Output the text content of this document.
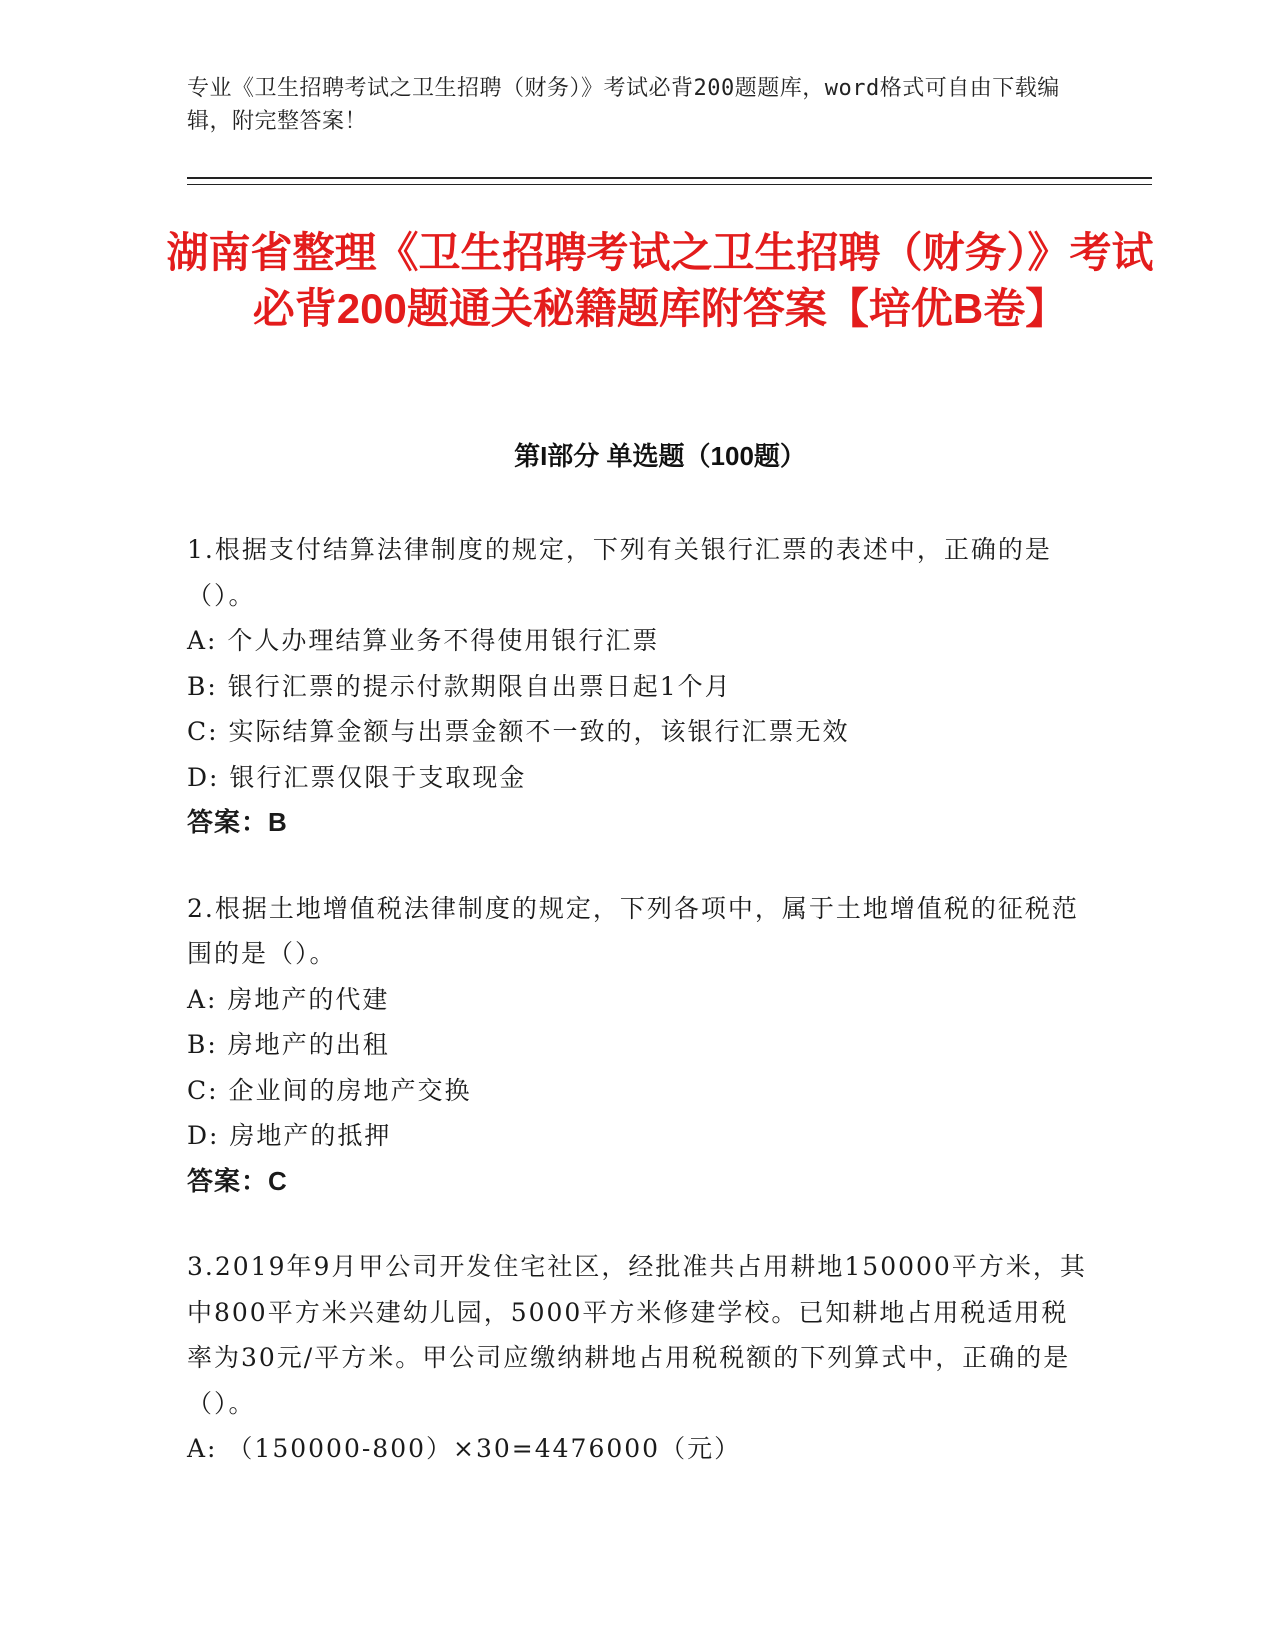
专业《卫生招聘考试之卫生招聘（财务）》考试必背200题题库，word格式可自由下载编辑，附完整答案！
湖南省整理《卫生招聘考试之卫生招聘（财务）》考试必背200题通关秘籍题库附答案【培优B卷】
第I部分 单选题（100题）
1.根据支付结算法律制度的规定，下列有关银行汇票的表述中，正确的是（）。
A: 个人办理结算业务不得使用银行汇票
B: 银行汇票的提示付款期限自出票日起1个月
C: 实际结算金额与出票金额不一致的，该银行汇票无效
D: 银行汇票仅限于支取现金
答案：B
2.根据土地增值税法律制度的规定，下列各项中，属于土地增值税的征税范围的是（）。
A: 房地产的代建
B: 房地产的出租
C: 企业间的房地产交换
D: 房地产的抵押
答案：C
3.2019年9月甲公司开发住宅社区，经批准共占用耕地150000平方米，其中800平方米兴建幼儿园，5000平方米修建学校。已知耕地占用税适用税率为30元/平方米。甲公司应缴纳耕地占用税税额的下列算式中，正确的是（）。
A: （150000-800）×30=4476000（元）
